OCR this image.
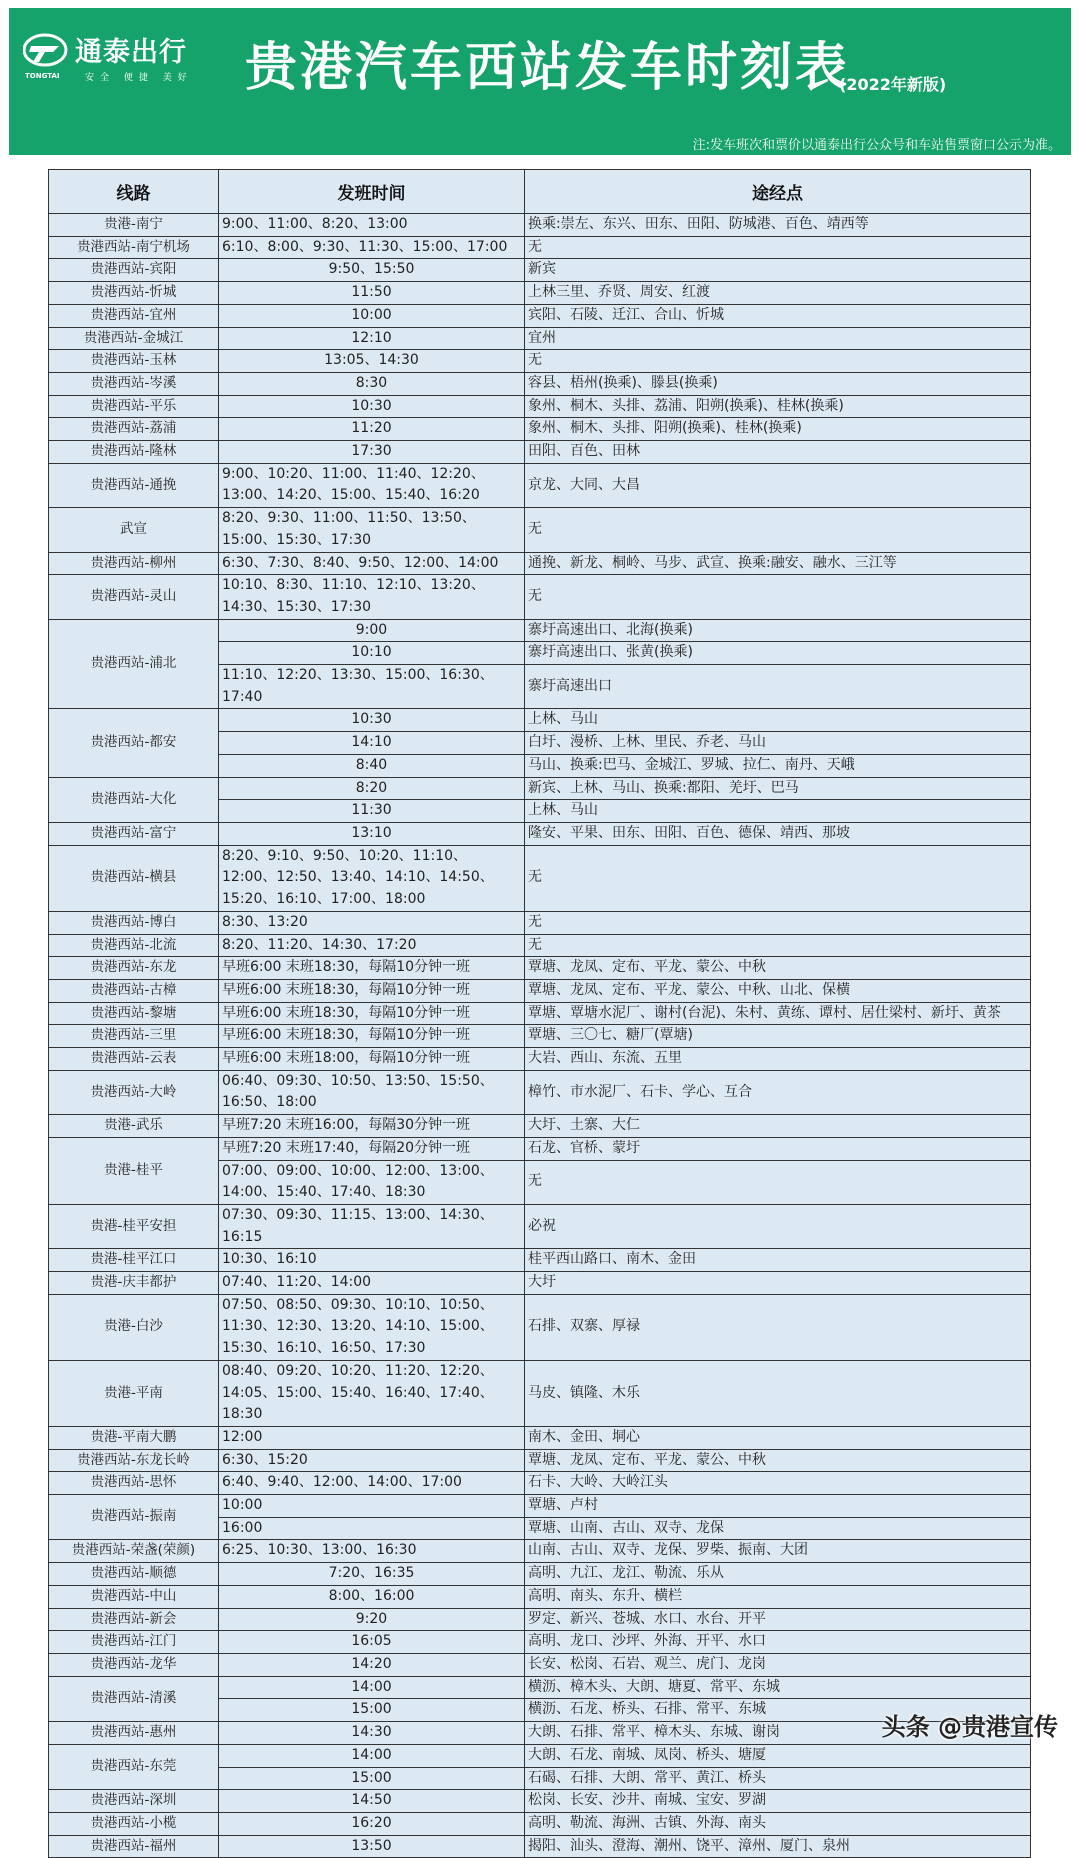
通泰出行
TONGTAI	安全 便捷 美好 贵港汽车西站发车时刻表
(2022年新版)
注:发车班次和票价以通泰出行公众号和车站售票窗口公示为准。
线路	发班时间	途经点
贵港-南宁	9:00、11:00、8:20、13:00	换乘:崇左、东兴、田东、田阳、防城港、百色、靖西等
贵港西站-南宁机场	6:10、8:00、9:30、11:30、15:00、17:00	无
贵港西站-宾阳	9:50、15:50	新宾
贵港西站-忻城	11:50	上林三里、乔贤、周安、红渡
贵港西站-宜州	10:00	宾阳、石陵、迁江、合山、忻城
贵港西站-金城江	12:10	宜州
贵港西站-玉林	13:05、14:30	无
贵港西站-岑溪	8:30	容县、梧州(换乘)、滕县(换乘)
贵港西站-平乐	10:30	象州、桐木、头排、荔浦、阳朔(换乘)、桂林(换乘)
贵港西站-荔浦	11:20	象州、桐木、头排、阳朔(换乘)、桂林(换乘)
贵港西站-隆林	17:30	田阳、百色、田林
贵港西站-通挽	9:00、10:20、11:00、11:40、12:20、13:00、14:20、15:00、15:40、16:20	京龙、大同、大昌
武宣	8:20、9:30、11:00、11:50、13:50、15:00、15:30、17:30	无
贵港西站-柳州	6:30、7:30、8:40、9:50、12:00、14:00	通挽、新龙、桐岭、马步、武宣、换乘:融安、融水、三江等
贵港西站-灵山	10:10、8:30、11:10、12:10、13:20、14:30、15:30、17:30	无
贵港西站-浦北	9:00	寨圩高速出口、北海(换乘)
	10:10	寨圩高速出口、张黄(换乘)
	11:10、12:20、13:30、15:00、16:30、17:40	寨圩高速出口
贵港西站-都安	10:30	上林、马山
	14:10	白圩、漫桥、上林、里民、乔老、马山
	8:40	马山、换乘:巴马、金城江、罗城、拉仁、南丹、天峨
贵港西站-大化	8:20	新宾、上林、马山、换乘:都阳、羌圩、巴马
	11:30	上林、马山
贵港西站-富宁	13:10	隆安、平果、田东、田阳、百色、德保、靖西、那坡
贵港西站-横县	8:20、9:10、9:50、10:20、11:10、12:00、12:50、13:40、14:10、14:50、15:20、16:10、17:00、18:00	无
贵港西站-博白	8:30、13:20	无
贵港西站-北流	8:20、11:20、14:30、17:20	无
贵港西站-东龙	早班6:00 末班18:30，每隔10分钟一班	覃塘、龙凤、定布、平龙、蒙公、中秋
贵港西站-古樟	早班6:00 末班18:30，每隔10分钟一班	覃塘、龙凤、定布、平龙、蒙公、中秋、山北、保横
贵港西站-黎塘	早班6:00 末班18:30，每隔10分钟一班	覃塘、覃塘水泥厂、谢村(台泥)、朱村、黄练、谭村、居仕梁村、新圩、黄茶
贵港西站-三里	早班6:00 末班18:30，每隔10分钟一班	覃塘、三〇七、糖厂(覃塘)
贵港西站-云表	早班6:00 末班18:00，每隔10分钟一班	大岩、西山、东流、五里
贵港西站-大岭	06:40、09:30、10:50、13:50、15:50、16:50、18:00	樟竹、市水泥厂、石卡、学心、互合
贵港-武乐	早班7:20 末班16:00，每隔30分钟一班	大圩、土寨、大仁
贵港-桂平	早班7:20 末班17:40，每隔20分钟一班	石龙、官桥、蒙圩
	07:00、09:00、10:00、12:00、13:00、14:00、15:40、17:40、18:30	无
贵港-桂平安担	07:30、09:30、11:15、13:00、14:30、16:15	必祝
贵港-桂平江口	10:30、16:10	桂平西山路口、南木、金田
贵港-庆丰都护	07:40、11:20、14:00	大圩
贵港-白沙	07:50、08:50、09:30、10:10、10:50、11:30、12:30、13:20、14:10、15:00、15:30、16:10、16:50、17:30	石排、双寨、厚禄
贵港-平南	08:40、09:20、10:20、11:20、12:20、14:05、15:00、15:40、16:40、17:40、18:30	马皮、镇隆、木乐
贵港-平南大鹏	12:00	南木、金田、垌心
贵港西站-东龙长岭	6:30、15:20	覃塘、龙凤、定布、平龙、蒙公、中秋
贵港西站-思怀	6:40、9:40、12:00、14:00、17:00	石卡、大岭、大岭江头
贵港西站-振南	10:00	覃塘、卢村
	16:00	覃塘、山南、古山、双寺、龙保
贵港西站-荣盏(荣颜)	6:25、10:30、13:00、16:30	山南、古山、双寺、龙保、罗柴、振南、大团
贵港西站-顺德	7:20、16:35	高明、九江、龙江、勒流、乐从
贵港西站-中山	8:00、16:00	高明、南头、东升、横栏
贵港西站-新会	9:20	罗定、新兴、苍城、水口、水台、开平
贵港西站-江门	16:05	高明、龙口、沙坪、外海、开平、水口
贵港西站-龙华	14:20	长安、松岗、石岩、观兰、虎门、龙岗
贵港西站-清溪	14:00	横沥、樟木头、大朗、塘夏、常平、东城
	15:00	横沥、石龙、桥头、石排、常平、东城
贵港西站-惠州	14:30	大朗、石排、常平、樟木头、东城、谢岗
贵港西站-东莞	14:00	大朗、石龙、南城、凤岗、桥头、塘厦
	15:00	石碣、石排、大朗、常平、黄江、桥头
贵港西站-深圳	14:50	松岗、长安、沙井、南城、宝安、罗湖
贵港西站-小榄	16:20	高明、勒流、海洲、古镇、外海、南头
贵港西站-福州	13:50	揭阳、汕头、澄海、潮州、饶平、漳州、厦门、泉州
头条 @贵港宣传
